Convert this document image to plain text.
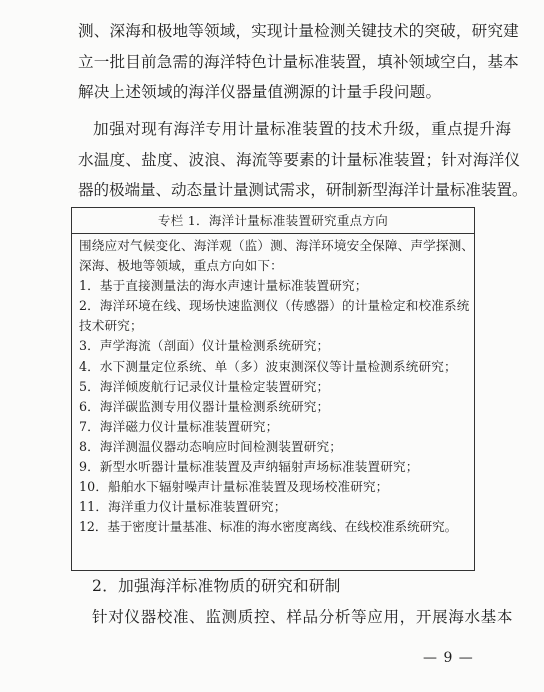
测、深海和极地等领域，实现计量检测关键技术的突破，研究建
立一批目前急需的海洋特色计量标准装置，填补领域空白，基本
解决上述领域的海洋仪器量值溯源的计量手段问题。
加强对现有海洋专用计量标准装置的技术升级，重点提升海
水温度、盐度、波浪、海流等要素的计量标准装置；针对海洋仪
器的极端量、动态量计量测试需求，研制新型海洋计量标准装置。
专栏 1．海洋计量标准装置研究重点方向
围绕应对气候变化、海洋观（监）测、海洋环境安全保障、声学探测、
深海、极地等领域，重点方向如下：
1．基于直接测量法的海水声速计量标准装置研究；
2．海洋环境在线、现场快速监测仪（传感器）的计量检定和校准系统
技术研究；
3．声学海流（剖面）仪计量检测系统研究；
4．水下测量定位系统、单（多）波束测深仪等计量检测系统研究；
5．海洋倾废航行记录仪计量检定装置研究；
6．海洋碳监测专用仪器计量检测系统研究；
7．海洋磁力仪计量标准装置研究；
8．海洋测温仪器动态响应时间检测装置研究；
9．新型水听器计量标准装置及声纳辐射声场标准装置研究；
10．船舶水下辐射噪声计量标准装置及现场校准研究；
11．海洋重力仪计量标准装置研究；
12．基于密度计量基准、标准的海水密度离线、在线校准系统研究。
2．加强海洋标准物质的研究和研制
针对仪器校准、监测质控、样品分析等应用，开展海水基本
— 9 —
